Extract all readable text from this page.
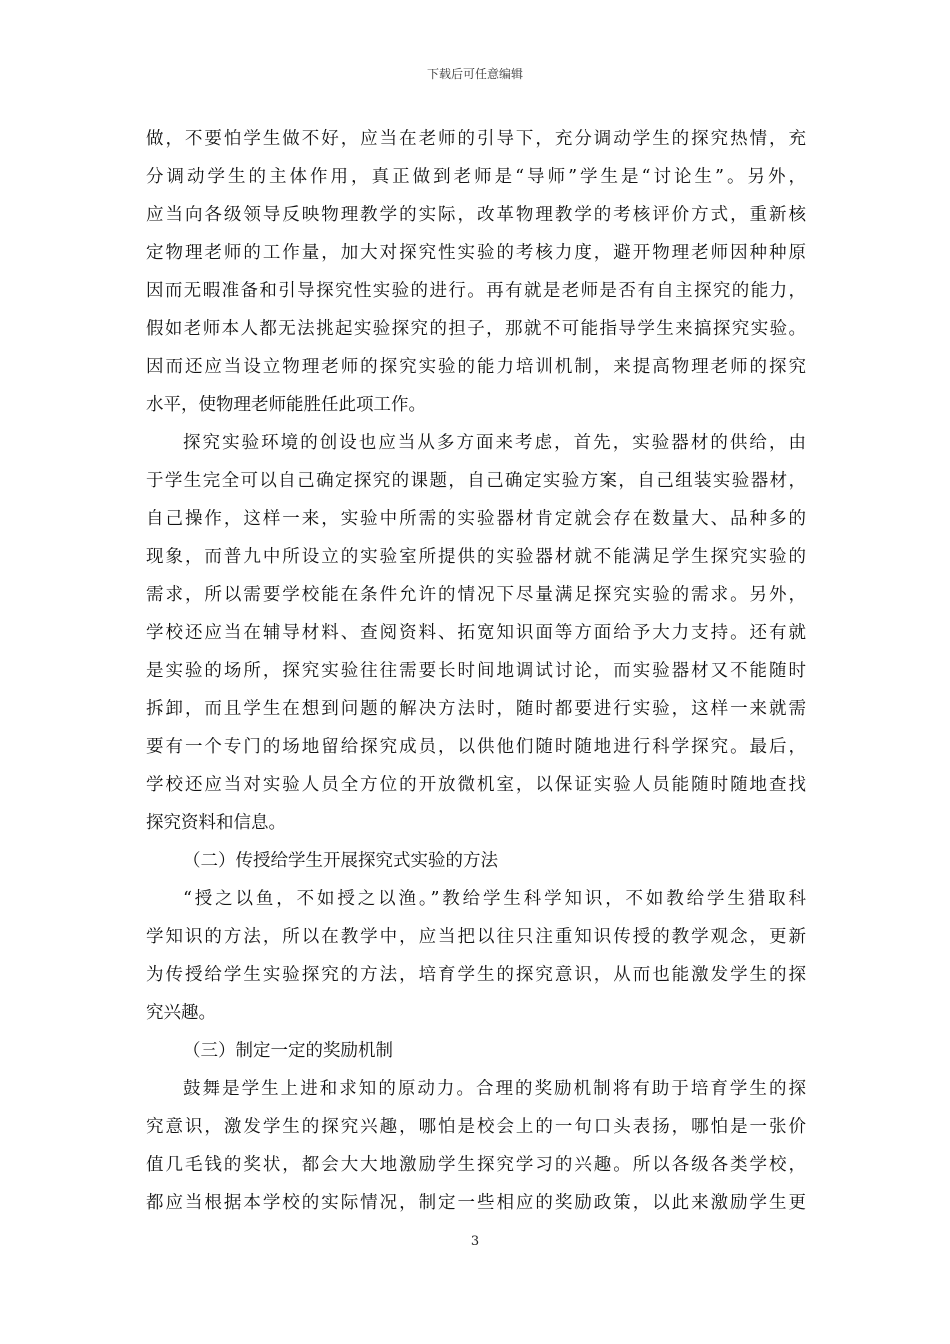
下载后可任意编辑
做，不要怕学生做不好，应当在老师的引导下，充分调动学生的探究热情，充
分调动学生的主体作用，真正做到老师是“导师”学生是“讨论生”。另外，
应当向各级领导反映物理教学的实际，改革物理教学的考核评价方式，重新核
定物理老师的工作量，加大对探究性实验的考核力度，避开物理老师因种种原
因而无暇准备和引导探究性实验的进行。再有就是老师是否有自主探究的能力，
假如老师本人都无法挑起实验探究的担子，那就不可能指导学生来搞探究实验。
因而还应当设立物理老师的探究实验的能力培训机制，来提高物理老师的探究
水平，使物理老师能胜任此项工作。
探究实验环境的创设也应当从多方面来考虑，首先，实验器材的供给，由
于学生完全可以自己确定探究的课题，自己确定实验方案，自己组装实验器材，
自己操作，这样一来，实验中所需的实验器材肯定就会存在数量大、品种多的
现象，而普九中所设立的实验室所提供的实验器材就不能满足学生探究实验的
需求，所以需要学校能在条件允许的情况下尽量满足探究实验的需求。另外，
学校还应当在辅导材料、查阅资料、拓宽知识面等方面给予大力支持。还有就
是实验的场所，探究实验往往需要长时间地调试讨论，而实验器材又不能随时
拆卸，而且学生在想到问题的解决方法时，随时都要进行实验，这样一来就需
要有一个专门的场地留给探究成员，以供他们随时随地进行科学探究。最后，
学校还应当对实验人员全方位的开放微机室，以保证实验人员能随时随地查找
探究资料和信息。
（二）传授给学生开展探究式实验的方法
“授之以鱼，不如授之以渔。”教给学生科学知识，不如教给学生猎取科
学知识的方法，所以在教学中，应当把以往只注重知识传授的教学观念，更新
为传授给学生实验探究的方法，培育学生的探究意识，从而也能激发学生的探
究兴趣。
（三）制定一定的奖励机制
鼓舞是学生上进和求知的原动力。合理的奖励机制将有助于培育学生的探
究意识，激发学生的探究兴趣，哪怕是校会上的一句口头表扬，哪怕是一张价
值几毛钱的奖状，都会大大地激励学生探究学习的兴趣。所以各级各类学校，
都应当根据本学校的实际情况，制定一些相应的奖励政策，以此来激励学生更
3
